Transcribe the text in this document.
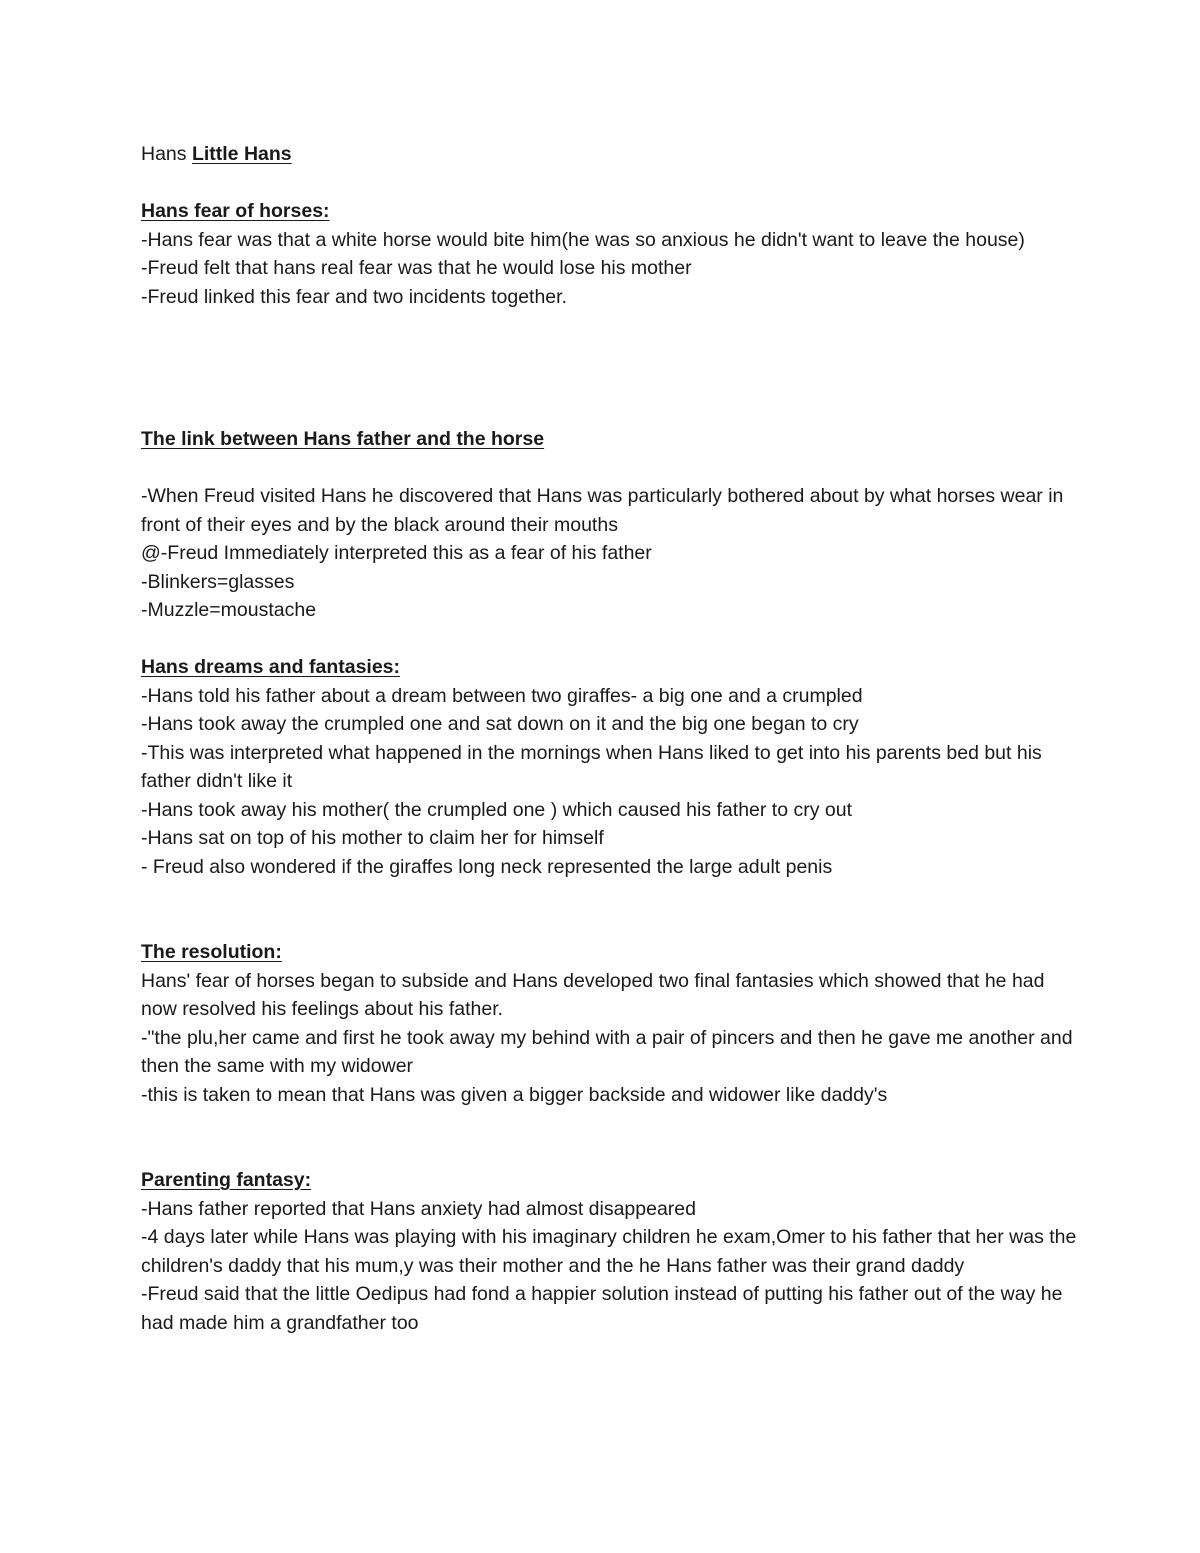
Hans Little Hans

Hans fear of horses:

-Hans fear was that a white horse would bite him(he was so anxious he didn't want to leave the house)

-Freud felt that hans real fear was that he would lose his mother

-Freud linked this fear and two incidents together.

The link between Hans father and the horse

-When Freud visited Hans he discovered that Hans was particularly bothered about by what horses wear in front of their eyes and by the black around their mouths

@-Freud Immediately interpreted this as a fear of his father

-Blinkers=glasses

-Muzzle=moustache

Hans dreams and fantasies:

-Hans told his father about a dream between two giraffes- a big one and a crumpled

-Hans took away the crumpled one and sat down on it and the big one began to cry

-This was interpreted what happened in the mornings when Hans liked to get into his parents bed but his father didn't like it

-Hans took away his mother( the crumpled one ) which caused his father to cry out

-Hans sat on top of his mother to claim her for himself

- Freud also wondered if the giraffes long neck represented the large adult penis

The resolution:

Hans' fear of horses began to subside and Hans developed two final fantasies which showed that he had now resolved his feelings about his father.

-"the plu,her came and first he took away my behind with a pair of pincers and then he gave me another and then the same with my widower

-this is taken to mean that Hans was given a bigger backside and widower like daddy's

Parenting fantasy:

-Hans father reported that Hans anxiety had almost disappeared

-4 days later while Hans was playing with his imaginary children he exam,Omer to his father that her was the children's daddy that his mum,y was their mother and the he Hans father was their grand daddy

-Freud said that the little Oedipus had fond a happier solution instead of putting his father out of the way he had made him a grandfather too
